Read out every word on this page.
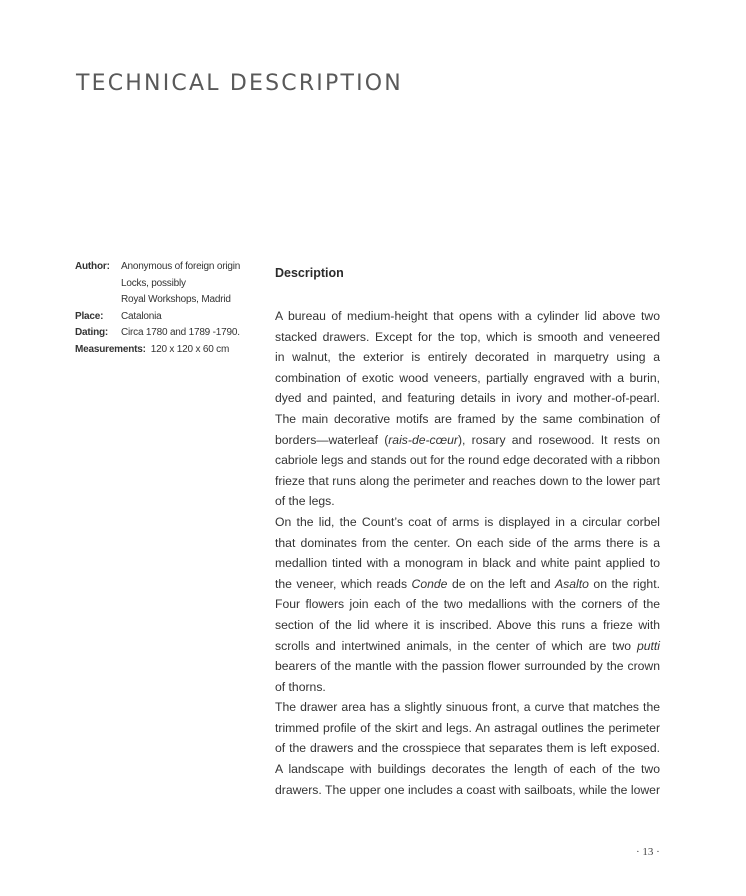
TECHNICAL DESCRIPTION
Author:	Anonymous of foreign origin
Locks, possibly
Royal Workshops, Madrid
Place:	Catalonia
Dating:	Circa 1780 and 1789 -1790.
Measurements: 120 x 120 x 60 cm
Description
A bureau of medium-height that opens with a cylinder lid above two
stacked drawers. Except for the top, which is smooth and veneered
in walnut, the exterior is entirely decorated in marquetry using a
combination of exotic wood veneers, partially engraved with a burin,
dyed and painted, and featuring details in ivory and mother-of-pearl.
The main decorative motifs are framed by the same combination of
borders—waterleaf (rais-de-cœur), rosary and rosewood. It rests on
cabriole legs and stands out for the round edge decorated with a ribbon
frieze that runs along the perimeter and reaches down to the lower part
of the legs.
On the lid, the Count’s coat of arms is displayed in a circular corbel
that dominates from the center. On each side of the arms there is a
medallion tinted with a monogram in black and white paint applied to
the veneer, which reads Conde de on the left and Asalto on the right.
Four flowers join each of the two medallions with the corners of the
section of the lid where it is inscribed. Above this runs a frieze with
scrolls and intertwined animals, in the center of which are two putti
bearers of the mantle with the passion flower surrounded by the crown
of thorns.
The drawer area has a slightly sinuous front, a curve that matches the
trimmed profile of the skirt and legs. An astragal outlines the perimeter
of the drawers and the crosspiece that separates them is left exposed.
A landscape with buildings decorates the length of each of the two
drawers. The upper one includes a coast with sailboats, while the lower
· 13 ·
